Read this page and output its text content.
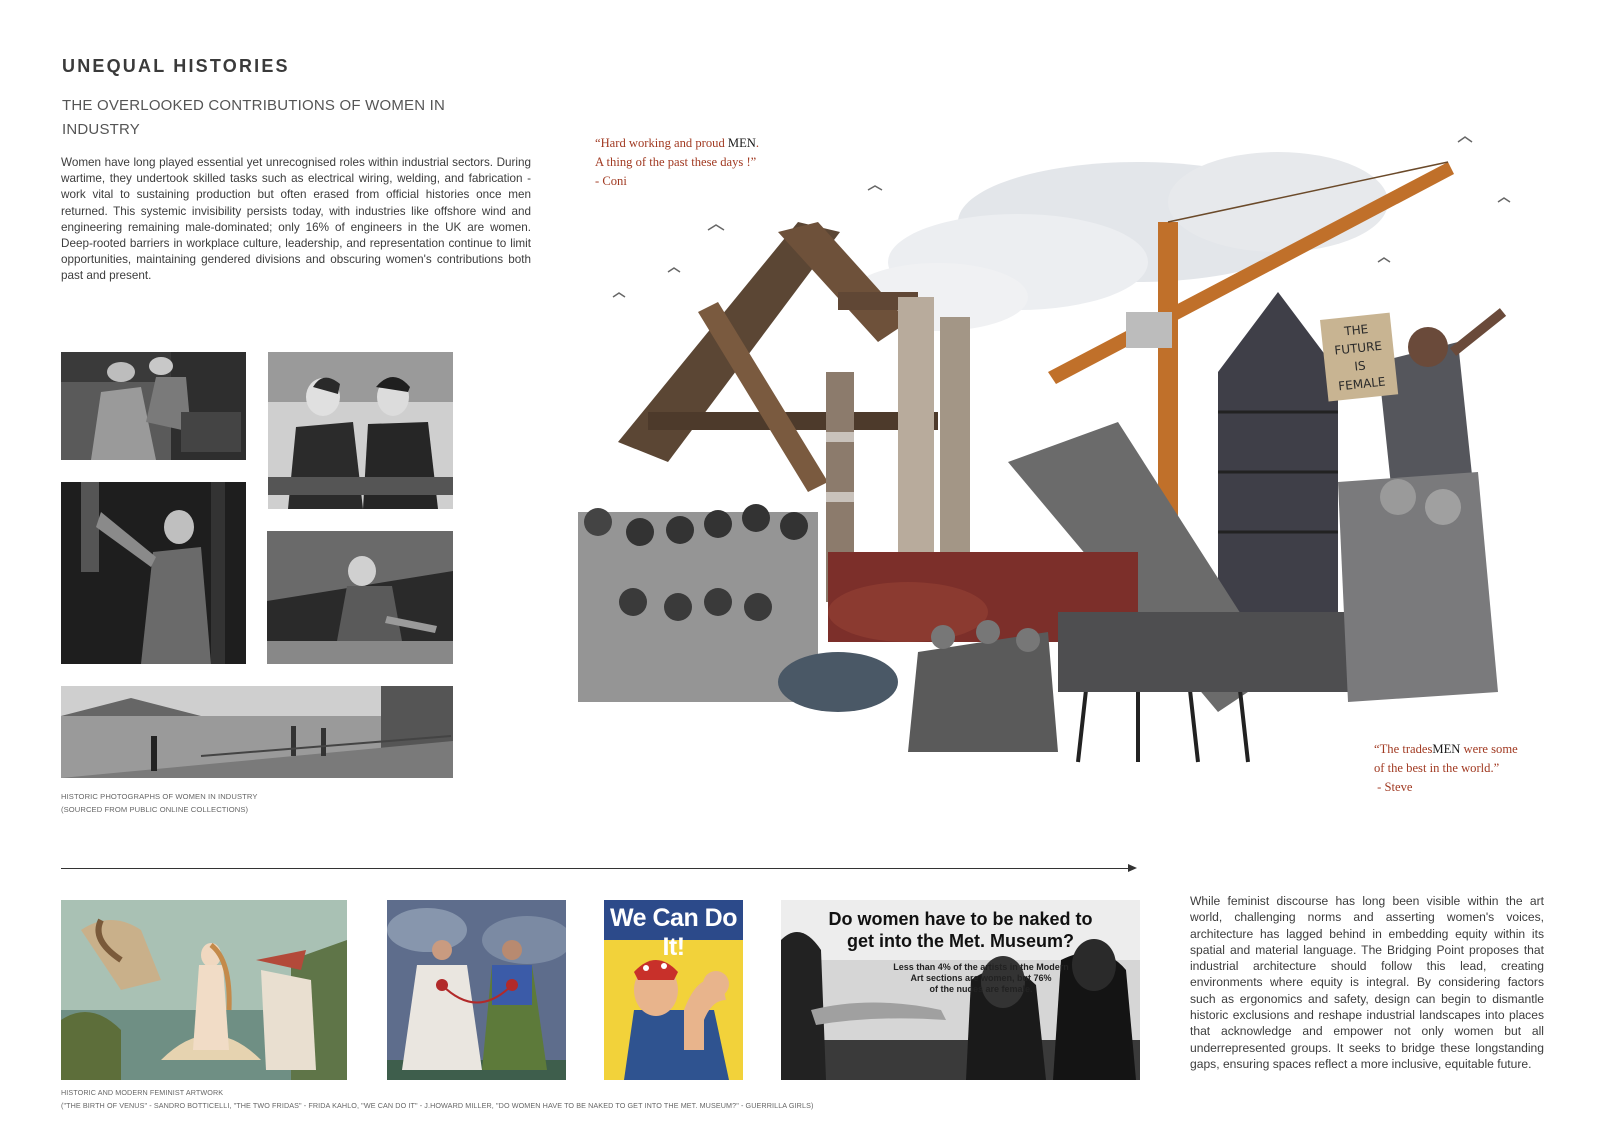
UNEQUAL HISTORIES
THE OVERLOOKED CONTRIBUTIONS OF WOMEN IN INDUSTRY
Women have long played essential yet unrecognised roles within industrial sectors. During wartime, they undertook skilled tasks such as electrical wiring, welding, and fabrication - work vital to sustaining production but often erased from official histories once men returned. This systemic invisibility persists today, with industries like offshore wind and engineering remaining male-dominated; only 16% of engineers in the UK are women. Deep-rooted barriers in workplace culture, leadership, and representation continue to limit opportunities, maintaining gendered divisions and obscuring women's contributions both past and present.
HISTORIC PHOTOGRAPHS OF WOMEN IN INDUSTRY
(SOURCED FROM PUBLIC ONLINE COLLECTIONS)
“Hard working and proud MEN.
A thing of the past these days !”
- Coni
THE
FUTURE
IS
FEMALE
“The tradesMEN were some
of the best in the world.”
- Steve
We Can Do It!
Do women have to be naked to
get into the Met. Museum?
Less than 4% of the artists in the Modern
Art sections are women, but 76%
of the nudes are female.
HISTORIC AND MODERN FEMINIST ARTWORK
("THE BIRTH OF VENUS" - SANDRO BOTTICELLI, "THE TWO FRIDAS" - FRIDA KAHLO, "WE CAN DO IT" - J.HOWARD MILLER, "DO WOMEN HAVE TO BE NAKED TO GET INTO THE MET. MUSEUM?" - GUERRILLA GIRLS)
While feminist discourse has long been visible within the art world, challenging norms and asserting women's voices, architecture has lagged behind in embedding equity within its spatial and material language. The Bridging Point proposes that industrial architecture should follow this lead, creating environments where equity is integral. By considering factors such as ergonomics and safety, design can begin to dismantle historic exclusions and reshape industrial landscapes into places that acknowledge and empower not only women but all underrepresented groups. It seeks to bridge these longstanding gaps, ensuring spaces reflect a more inclusive, equitable future.
